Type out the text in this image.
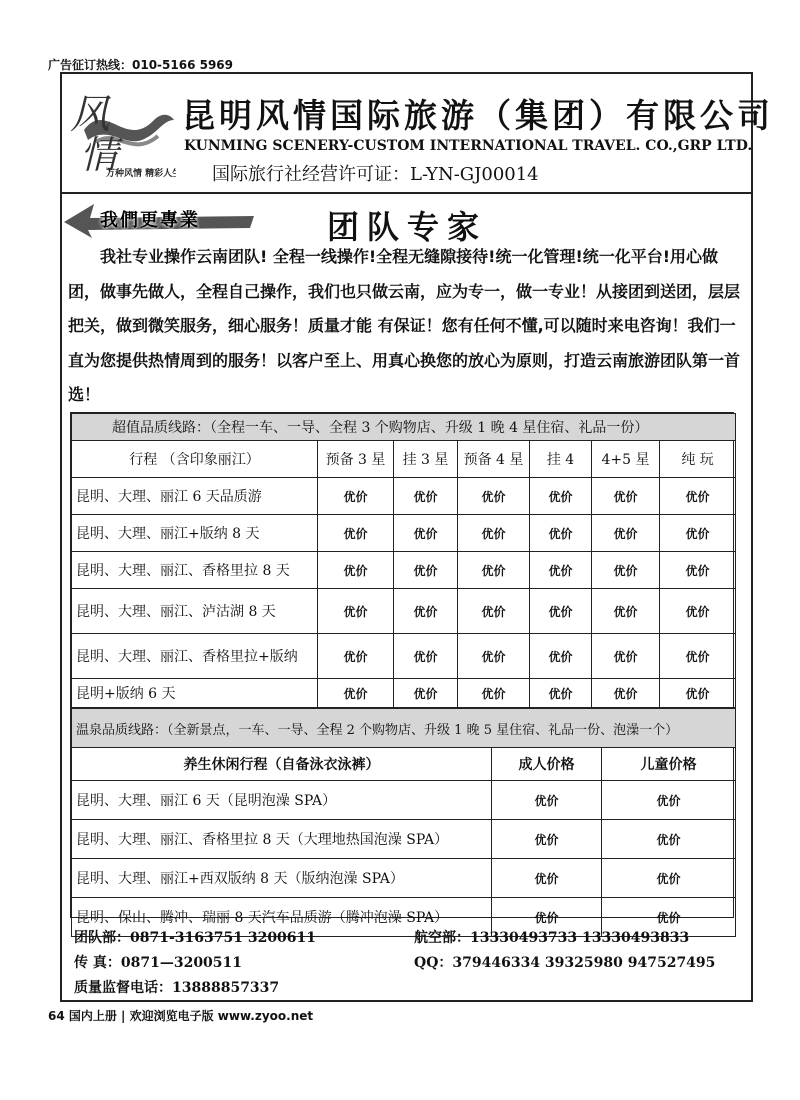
广告征订热线：010-5166 5969
风
情
万种风情 精彩人生
昆明风情国际旅游（集团）有限公司
KUNMING SCENERY-CUSTOM INTERNATIONAL TRAVEL. CO.,GRP LTD.
国际旅行社经营许可证：L-YN-GJ00014
我們更專業	团队专家

我社专业操作云南团队! 全程一线操作!全程无缝隙接待!统一化管理!统一化平台!用心做团，做事先做人，全程自己操作，我们也只做云南，应为专一，做一专业！从接团到送团，层层把关，做到微笑服务，细心服务！质量才能 有保证！您有任何不懂,可以随时来电咨询！我们一直为您提供热情周到的服务！以客户至上、用真心换您的放心为原则，打造云南旅游团队第一首选！

超值品质线路：（全程一车、一导、全程 3 个购物店、升级 1 晚 4 星住宿、礼品一份）						
行程 （含印象丽江）	预备 3 星	挂 3 星	预备 4 星	挂 4	4+5 星	纯 玩
昆明、大理、丽江 6 天品质游	优价	优价	优价	优价	优价	优价
昆明、大理、丽江+版纳 8 天	优价	优价	优价	优价	优价	优价
昆明、大理、丽江、香格里拉 8 天	优价	优价	优价	优价	优价	优价
昆明、大理、丽江、泸沽湖 8 天	优价	优价	优价	优价	优价	优价
昆明、大理、丽江、香格里拉+版纳	优价	优价	优价	优价	优价	优价
昆明+版纳 6 天	优价	优价	优价	优价	优价	优价
温泉品质线路：（全新景点，一车、一导、全程 2 个购物店、升级 1 晚 5 星住宿、礼品一份、泡澡一个）		
养生休闲行程（自备泳衣泳裤）	成人价格	儿童价格
昆明、大理、丽江 6 天（昆明泡澡 SPA）	优价	优价
昆明、大理、丽江、香格里拉 8 天（大理地热国泡澡 SPA）	优价	优价
昆明、大理、丽江+西双版纳 8 天（版纳泡澡 SPA）	优价	优价
昆明、保山、腾冲、瑞丽 8 天汽车品质游（腾冲泡澡 SPA）	优价	优价
团队部：0871-3163751 3200611	航空部：13330493733 13330493833
传 真：0871—3200511	QQ：379446334 39325980 947527495
质量监督电话：13888857337
64 国内上册 | 欢迎浏览电子版 www.zyoo.net
